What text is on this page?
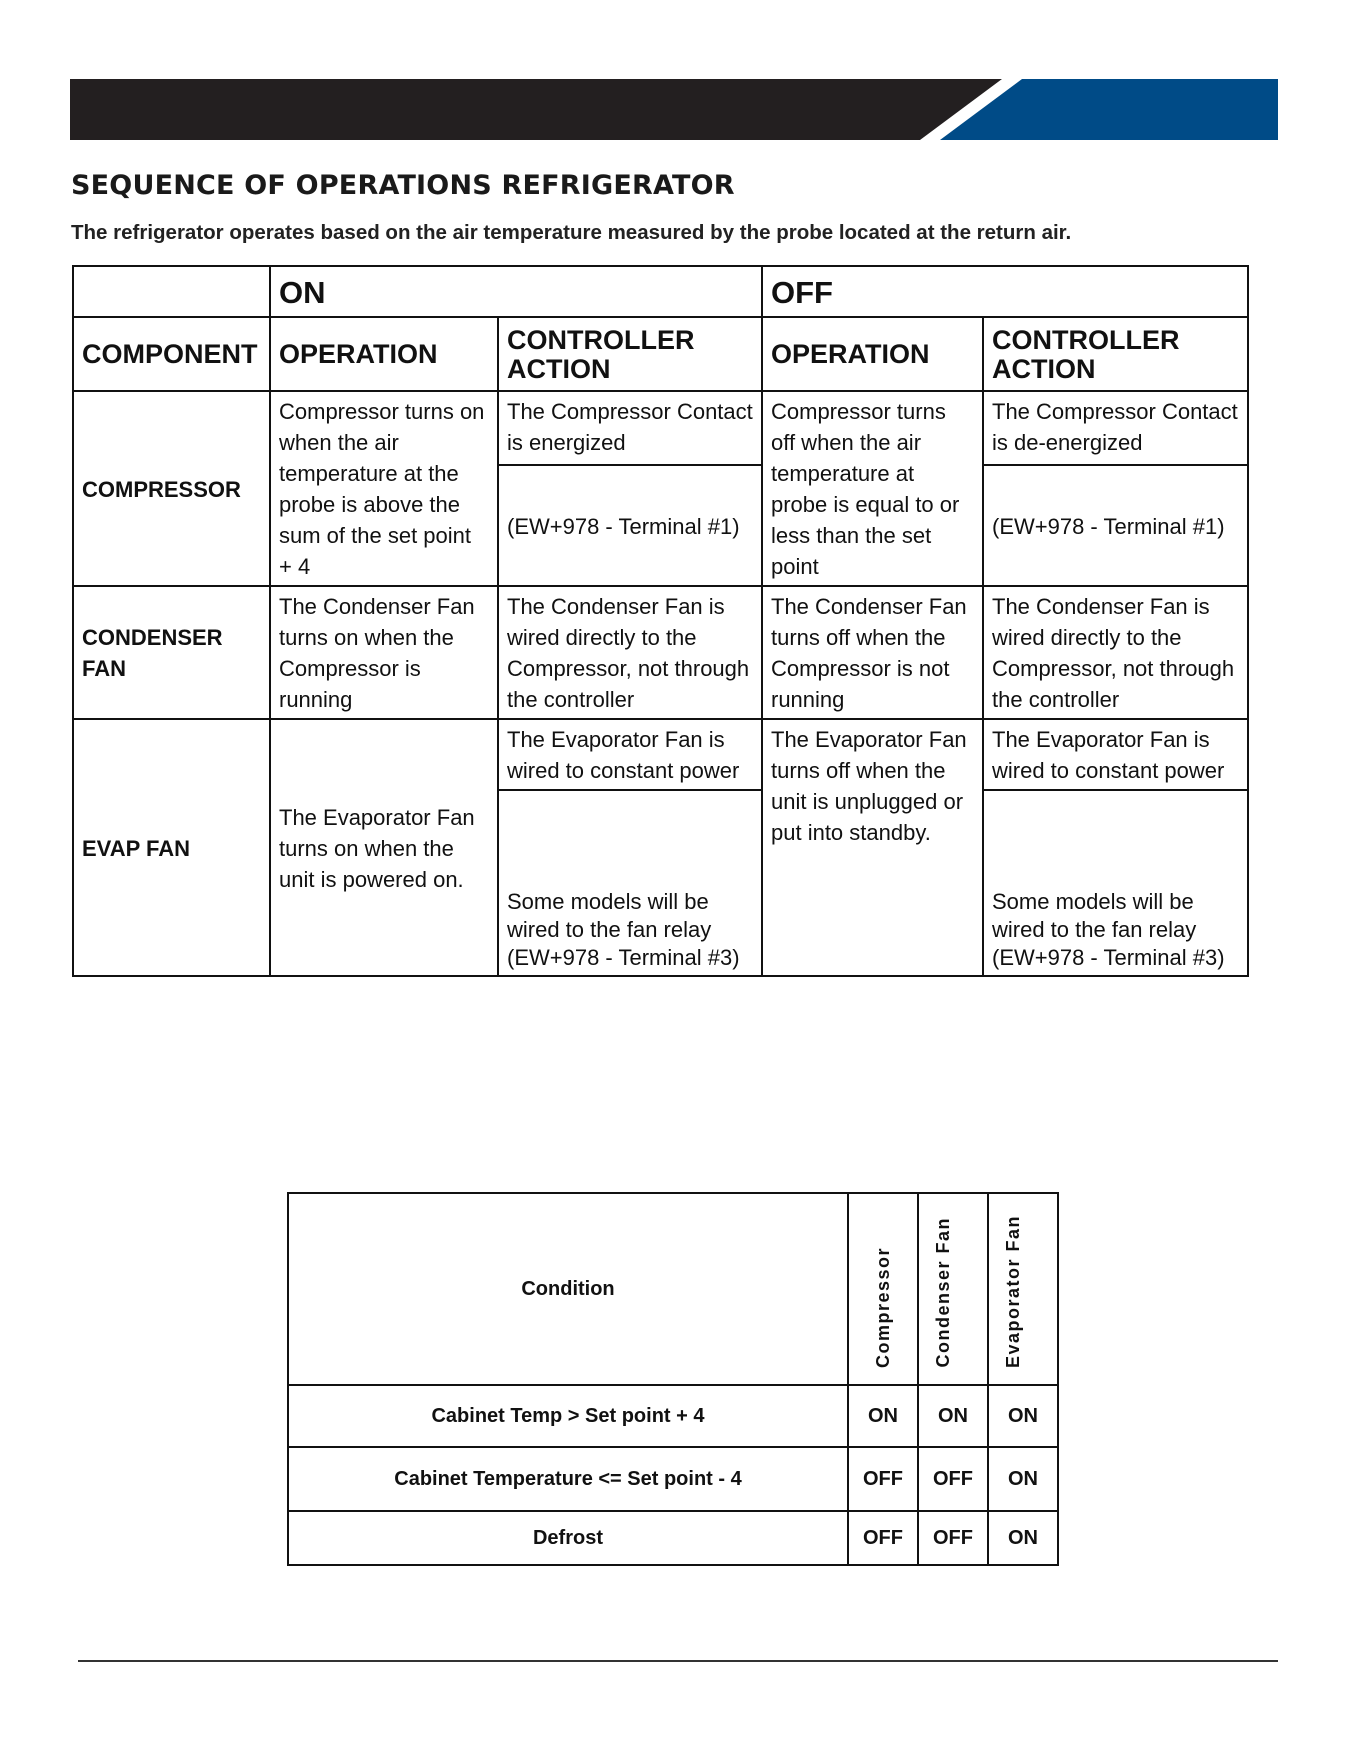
SEQUENCE OF OPERATIONS REFRIGERATOR
The refrigerator operates based on the air temperature measured by the probe located at the return air.
	ON		OFF	
COMPONENT	OPERATION	CONTROLLER ACTION	OPERATION	CONTROLLER ACTION
COMPRESSOR	Compressor turns on when the air temperature at the probe is above the sum of the set point + 4	The Compressor Contact is energized	Compressor turns off when the air temperature at probe is equal to or less than the set point	The Compressor Contact is de-energized
		(EW+978 - Terminal #1)		(EW+978 - Terminal #1)
CONDENSER FAN	The Condenser Fan turns on when the Compressor is running	The Condenser Fan is wired directly to the Compressor, not through the controller	The Condenser Fan turns off when the Compressor is not running	The Condenser Fan is wired directly to the Compressor, not through the controller
EVAP FAN	The Evaporator Fan turns on when the unit is powered on.	The Evaporator Fan is wired to constant power	The Evaporator Fan turns off when the unit is unplugged or put into standby.	The Evaporator Fan is wired to constant power
		Some models will be wired to the fan relay (EW+978 - Terminal #3)		Some models will be wired to the fan relay (EW+978 - Terminal #3)
Condition	Compressor	Condenser Fan	Evaporator Fan
Cabinet Temp > Set point + 4	ON	ON	ON
Cabinet Temperature <= Set point - 4	OFF	OFF	ON
Defrost	OFF	OFF	ON
